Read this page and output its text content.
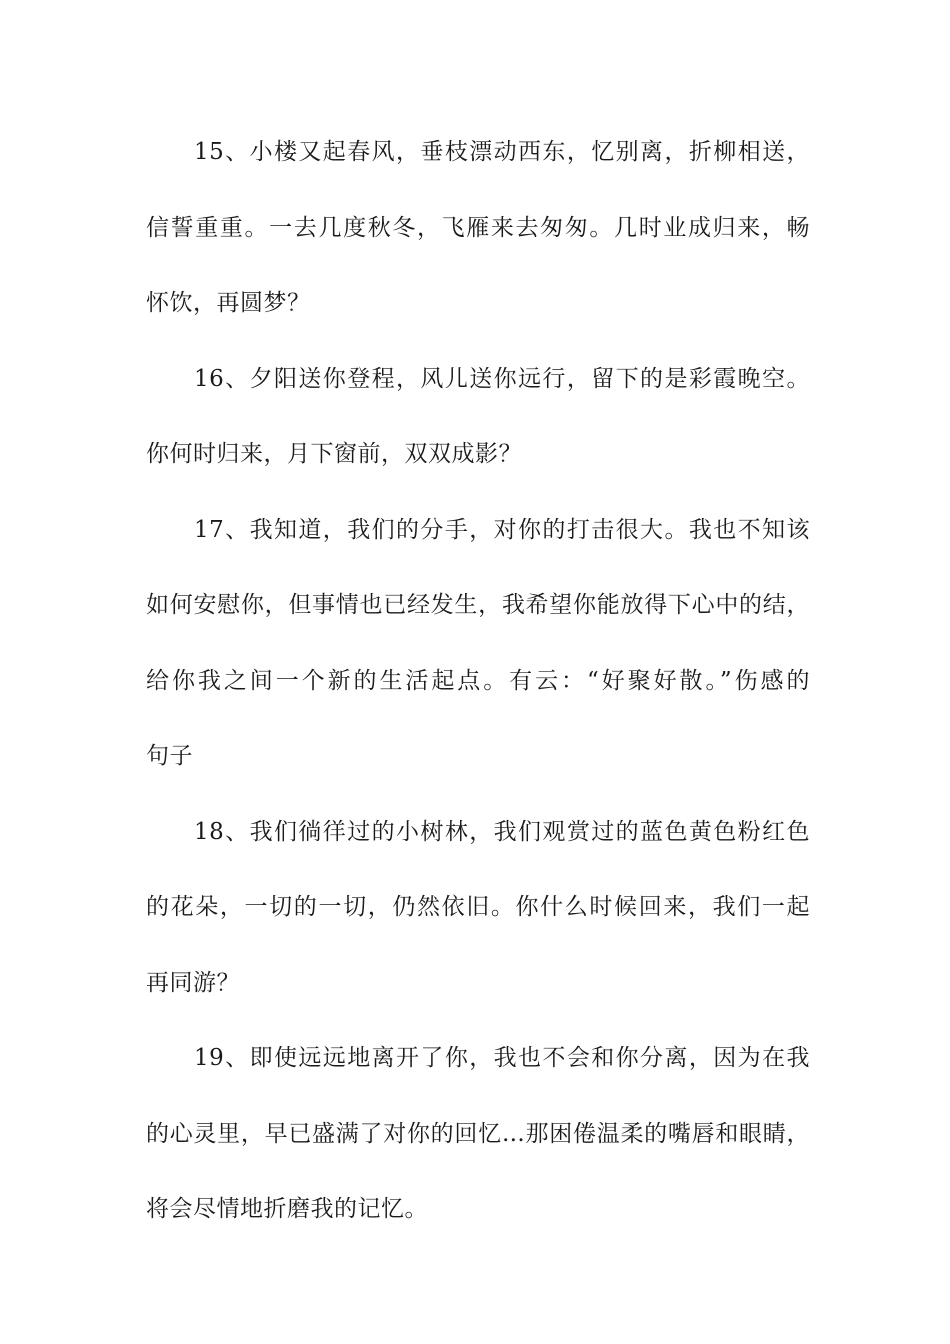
15、小楼又起春风，垂枝漂动西东，忆别离，折柳相送，
信誓重重。一去几度秋冬，飞雁来去匆匆。几时业成归来，畅
怀饮，再圆梦？
16、夕阳送你登程，风儿送你远行，留下的是彩霞晚空。
你何时归来，月下窗前，双双成影？
17、我知道，我们的分手，对你的打击很大。我也不知该
如何安慰你，但事情也已经发生，我希望你能放得下心中的结，
给你我之间一个新的生活起点。有云：“好聚好散。”伤感的
句子
18、我们徜徉过的小树林，我们观赏过的蓝色黄色粉红色
的花朵，一切的一切，仍然依旧。你什么时候回来，我们一起
再同游？
19、即使远远地离开了你，我也不会和你分离，因为在我
的心灵里，早已盛满了对你的回忆…那困倦温柔的嘴唇和眼睛，
将会尽情地折磨我的记忆。
